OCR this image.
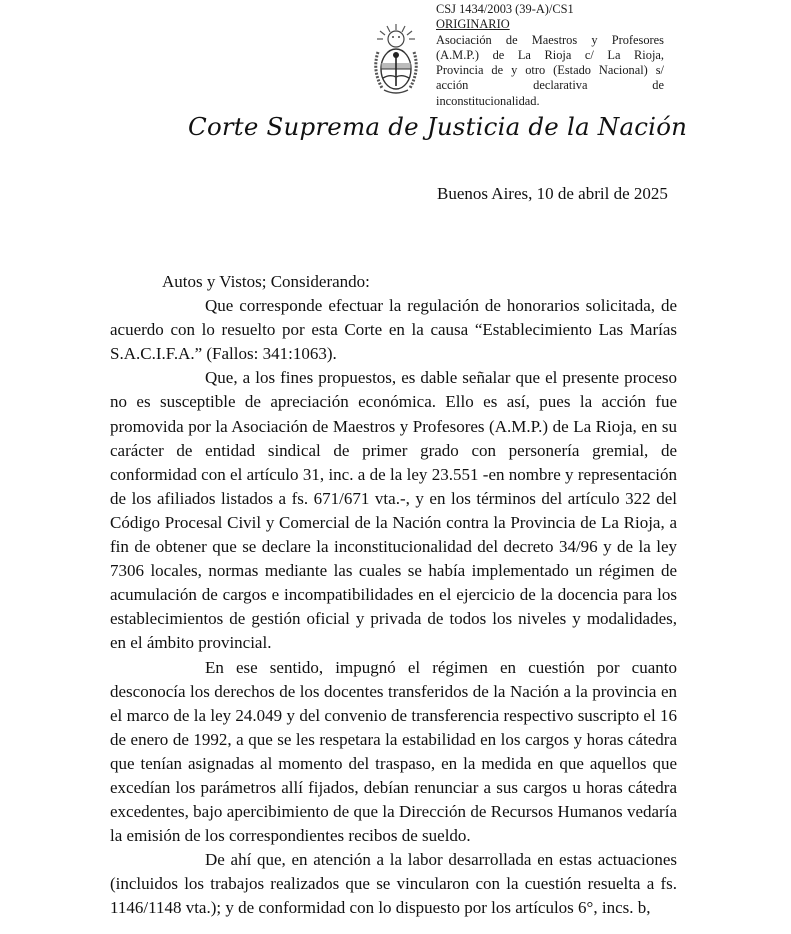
CSJ 1434/2003 (39-A)/CS1
ORIGINARIO
Asociación de Maestros y Profesores
(A.M.P.) de La Rioja c/ La Rioja,
Provincia de y otro (Estado Nacional) s/
acción declarativa de
inconstitucionalidad.
Corte Suprema de Justicia de la Nación
Buenos Aires, 10 de abril de 2025
Autos y Vistos; Considerando:

Que corresponde efectuar la regulación de honorarios solicitada, de acuerdo con lo resuelto por esta Corte en la causa “Establecimiento Las Marías S.A.C.I.F.A.” (Fallos: 341:1063).

Que, a los fines propuestos, es dable señalar que el presente proceso no es susceptible de apreciación económica. Ello es así, pues la acción fue promovida por la Asociación de Maestros y Profesores (A.M.P.) de La Rioja, en su carácter de entidad sindical de primer grado con personería gremial, de conformidad con el artículo 31, inc. a de la ley 23.551 -en nombre y representación de los afiliados listados a fs. 671/671 vta.-, y en los términos del artículo 322 del Código Procesal Civil y Comercial de la Nación contra la Provincia de La Rioja, a fin de obtener que se declare la inconstitucionalidad del decreto 34/96 y de la ley 7306 locales, normas mediante las cuales se había implementado un régimen de acumulación de cargos e incompatibilidades en el ejercicio de la docencia para los establecimientos de gestión oficial y privada de todos los niveles y modalidades, en el ámbito provincial.

En ese sentido, impugnó el régimen en cuestión por cuanto desconocía los derechos de los docentes transferidos de la Nación a la provincia en el marco de la ley 24.049 y del convenio de transferencia respectivo suscripto el 16 de enero de 1992, a que se les respetara la estabilidad en los cargos y horas cátedra que tenían asignadas al momento del traspaso, en la medida en que aquellos que excedían los parámetros allí fijados, debían renunciar a sus cargos u horas cátedra excedentes, bajo apercibimiento de que la Dirección de Recursos Humanos vedaría la emisión de los correspondientes recibos de sueldo.

De ahí que, en atención a la labor desarrollada en estas actuaciones (incluidos los trabajos realizados que se vincularon con la cuestión resuelta a fs. 1146/1148 vta.); y de conformidad con lo dispuesto por los artículos 6°, incs. b,
